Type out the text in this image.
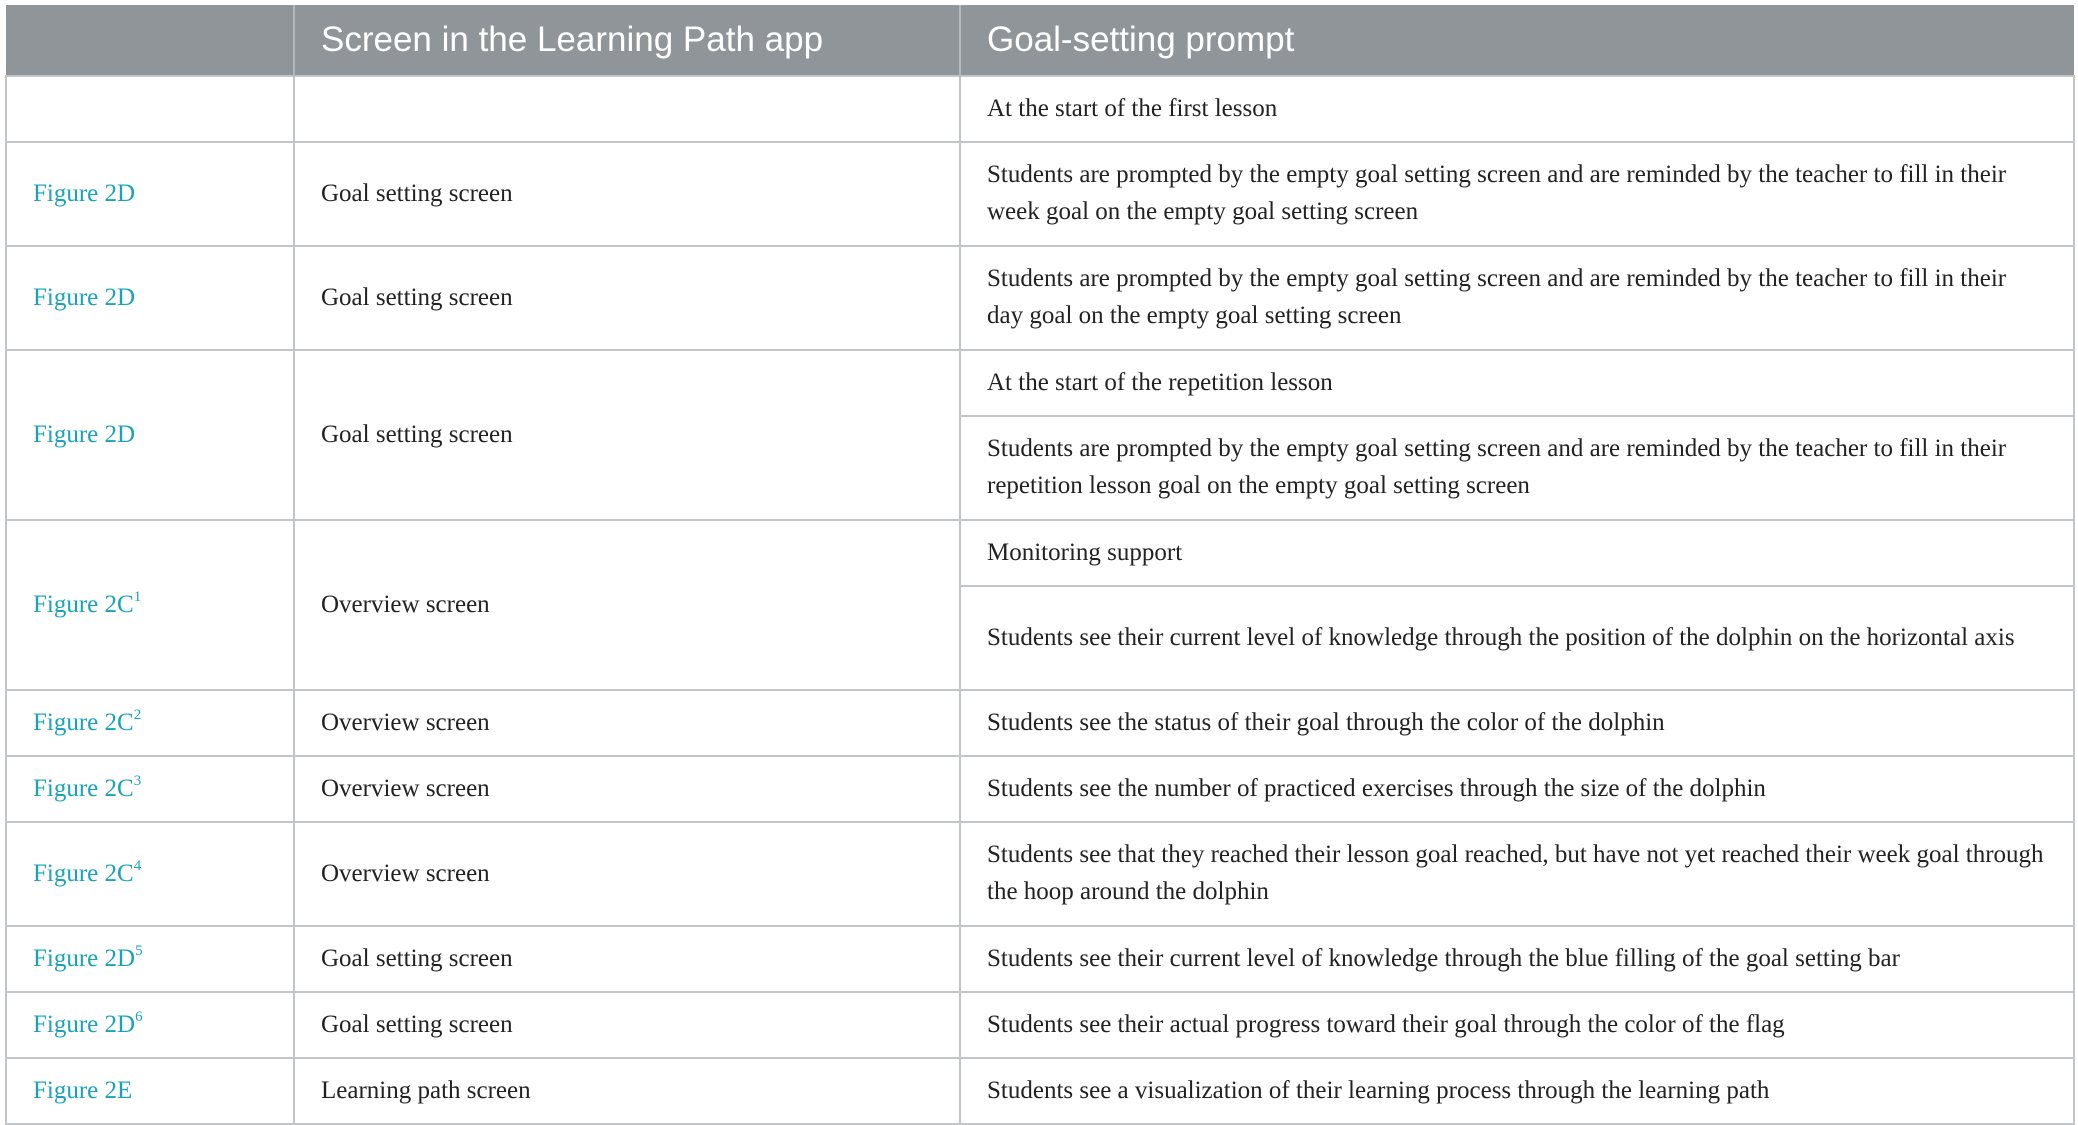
	Screen in the Learning Path app	Goal-setting prompt
		At the start of the first lesson
Figure 2D	Goal setting screen	Students are prompted by the empty goal setting screen and are reminded by the teacher to fill in their week goal on the empty goal setting screen
Figure 2D	Goal setting screen	Students are prompted by the empty goal setting screen and are reminded by the teacher to fill in their day goal on the empty goal setting screen
Figure 2D	Goal setting screen	At the start of the repetition lesson
		Students are prompted by the empty goal setting screen and are reminded by the teacher to fill in their repetition lesson goal on the empty goal setting screen
Figure $2C^1$	Overview screen	Monitoring support
		Students see their current level of knowledge through the position of the dolphin on the horizontal axis
Figure $2C^2$	Overview screen	Students see the status of their goal through the color of the dolphin
Figure $2C^3$	Overview screen	Students see the number of practiced exercises through the size of the dolphin
Figure $2C^4$	Overview screen	Students see that they reached their lesson goal reached, but have not yet reached their week goal through the hoop around the dolphin
Figure $2D^5$	Goal setting screen	Students see their current level of knowledge through the blue filling of the goal setting bar
Figure $2D^6$	Goal setting screen	Students see their actual progress toward their goal through the color of the flag
Figure 2E	Learning path screen	Students see a visualization of their learning process through the learning path
